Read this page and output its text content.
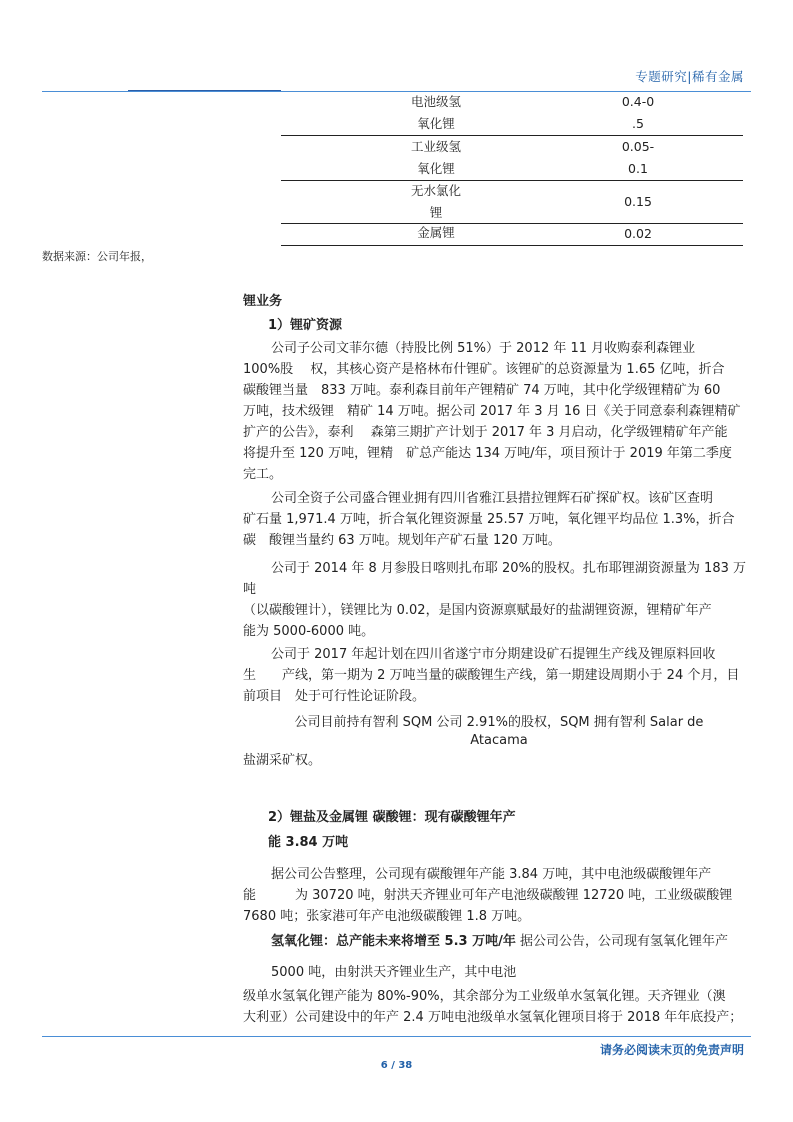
专题研究|稀有金属
电池级氢
氧化锂
0.4-0
.5
工业级氢
氧化锂
0.05-
0.1
无水氯化
锂
0.15
金属锂	0.02
数据来源：公司年报，
锂业务
1）锂矿资源
公司子公司文菲尔德（持股比例 51%）于 2012 年 11 月收购泰利森锂业
100%股　 权，其核心资产是格林布什锂矿。该锂矿的总资源量为 1.65 亿吨，折合
碳酸锂当量　833 万吨。泰利森目前年产锂精矿 74 万吨，其中化学级锂精矿为 60
万吨，技术级锂　精矿 14 万吨。据公司 2017 年 3 月 16 日《关于同意泰利森锂精矿
扩产的公告》，泰利　 森第三期扩产计划于 2017 年 3 月启动，化学级锂精矿年产能
将提升至 120 万吨，锂精　矿总产能达 134 万吨/年，项目预计于 2019 年第二季度
完工。
公司全资子公司盛合锂业拥有四川省雅江县措拉锂辉石矿探矿权。该矿区查明
矿石量 1,971.4 万吨，折合氧化锂资源量 25.57 万吨，氧化锂平均品位 1.3%，折合
碳　酸锂当量约 63 万吨。规划年产矿石量 120 万吨。
公司于 2014 年 8 月参股日喀则扎布耶 20%的股权。扎布耶锂湖资源量为 183 万
吨
（以碳酸锂计），镁锂比为 0.02，是国内资源禀赋最好的盐湖锂资源，锂精矿年产
能为 5000-6000 吨。
公司于 2017 年起计划在四川省遂宁市分期建设矿石提锂生产线及锂原料回收
生　　产线，第一期为 2 万吨当量的碳酸锂生产线，第一期建设周期小于 24 个月，目
前项目　处于可行性论证阶段。
公司目前持有智利 SQM 公司 2.91%的股权，SQM 拥有智利 Salar de
Atacama
盐湖采矿权。
2）锂盐及金属锂 碳酸锂：现有碳酸锂年产
能 3.84 万吨
据公司公告整理，公司现有碳酸锂年产能 3.84 万吨，其中电池级碳酸锂年产
能　　　为 30720 吨，射洪天齐锂业可年产电池级碳酸锂 12720 吨，工业级碳酸锂
7680 吨；张家港可年产电池级碳酸锂 1.8 万吨。
氢氧化锂：总产能未来将增至 5.3 万吨/年 据公司公告，公司现有氢氧化锂年产
5000 吨，由射洪天齐锂业生产，其中电池
级单水氢氧化锂产能为 80%-90%，其余部分为工业级单水氢氧化锂。天齐锂业（澳
大利亚）公司建设中的年产 2.4 万吨电池级单水氢氧化锂项目将于 2018 年年底投产；
请务必阅读末页的免责声明
6 / 38
